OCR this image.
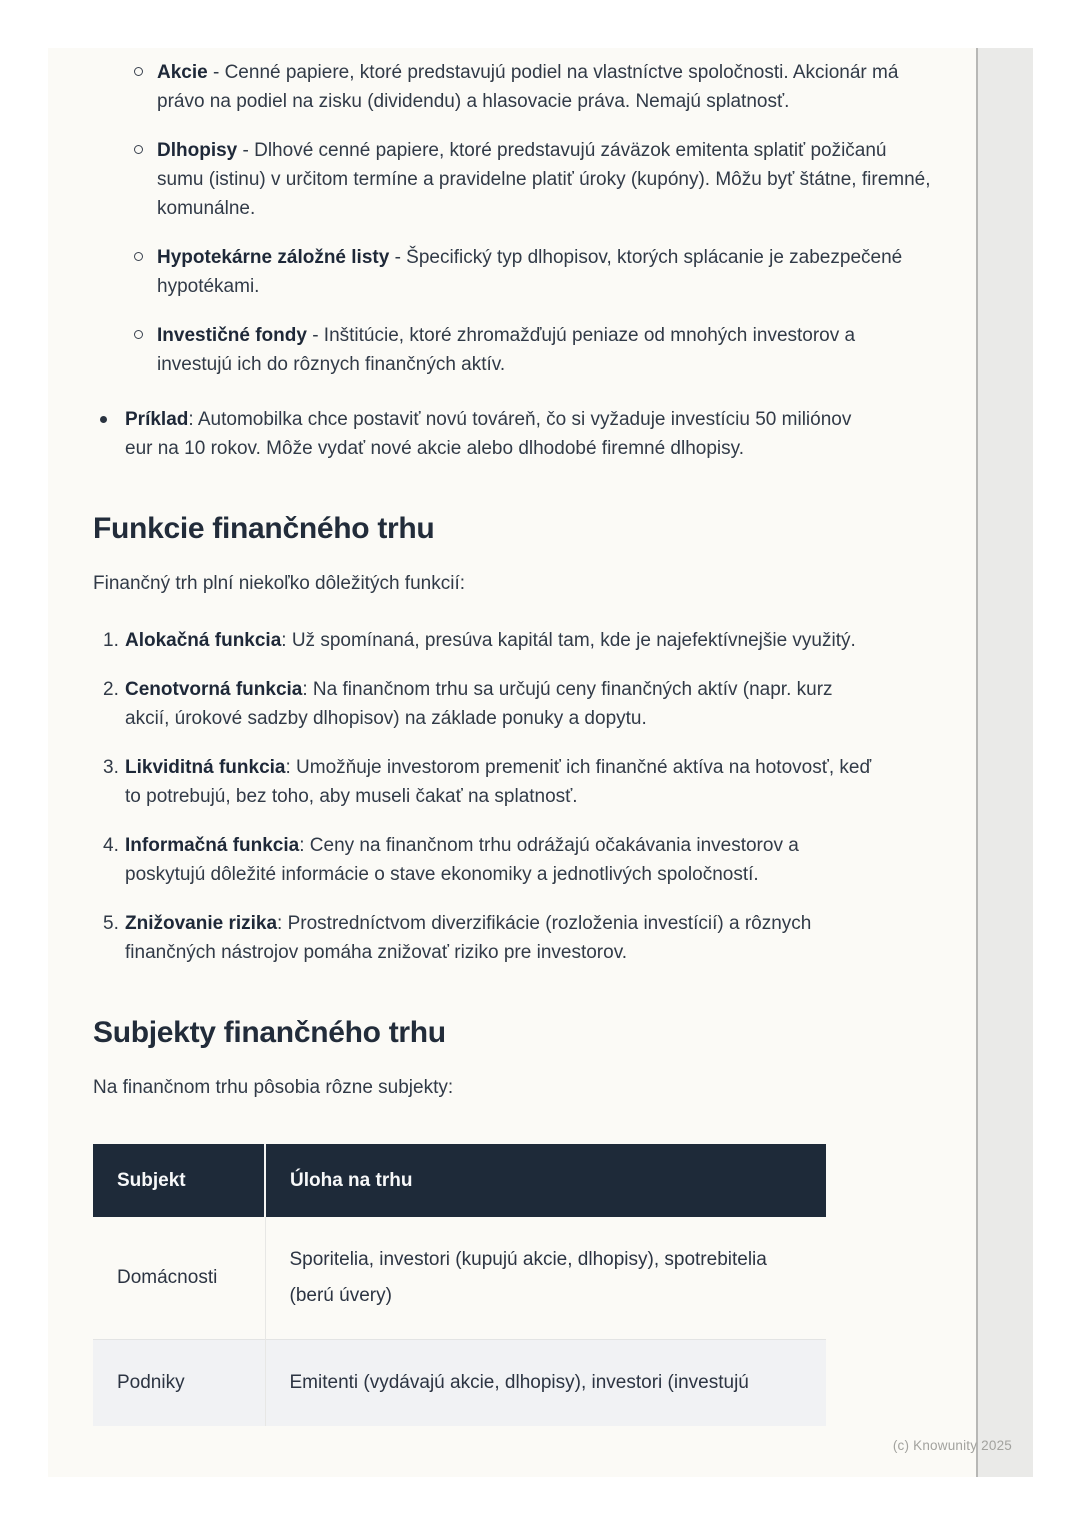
Akcie - Cenné papiere, ktoré predstavujú podiel na vlastníctve spoločnosti. Akcionár má právo na podiel na zisku (dividendu) a hlasovacie práva. Nemajú splatnosť.
Dlhopisy - Dlhové cenné papiere, ktoré predstavujú záväzok emitenta splatiť požičanú sumu (istinu) v určitom termíne a pravidelne platiť úroky (kupóny). Môžu byť štátne, firemné, komunálne.
Hypotekárne záložné listy - Špecifický typ dlhopisov, ktorých splácanie je zabezpečené hypotékami.
Investičné fondy - Inštitúcie, ktoré zhromažďujú peniaze od mnohých investorov a investujú ich do rôznych finančných aktív.
Príklad: Automobilka chce postaviť novú továreň, čo si vyžaduje investíciu 50 miliónov eur na 10 rokov. Môže vydať nové akcie alebo dlhodobé firemné dlhopisy.
Funkcie finančného trhu

Finančný trh plní niekoľko dôležitých funkcií:

1. Alokačná funkcia: Už spomínaná, presúva kapitál tam, kde je najefektívnejšie využitý.
2. Cenotvorná funkcia: Na finančnom trhu sa určujú ceny finančných aktív (napr. kurz akcií, úrokové sadzby dlhopisov) na základe ponuky a dopytu.
3. Likviditná funkcia: Umožňuje investorom premeniť ich finančné aktíva na hotovosť, keď to potrebujú, bez toho, aby museli čakať na splatnosť.
4. Informačná funkcia: Ceny na finančnom trhu odrážajú očakávania investorov a poskytujú dôležité informácie o stave ekonomiky a jednotlivých spoločností.
5. Znižovanie rizika: Prostredníctvom diverzifikácie (rozloženia investícií) a rôznych finančných nástrojov pomáha znižovať riziko pre investorov.
Subjekty finančného trhu

Na finančnom trhu pôsobia rôzne subjekty:

Subjekt	Úloha na trhu
Domácnosti	Sporitelia, investori (kupujú akcie, dlhopisy), spotrebitelia (berú úvery)
Podniky	Emitenti (vydávajú akcie, dlhopisy), investori (investujú
(c) Knowunity 2025
